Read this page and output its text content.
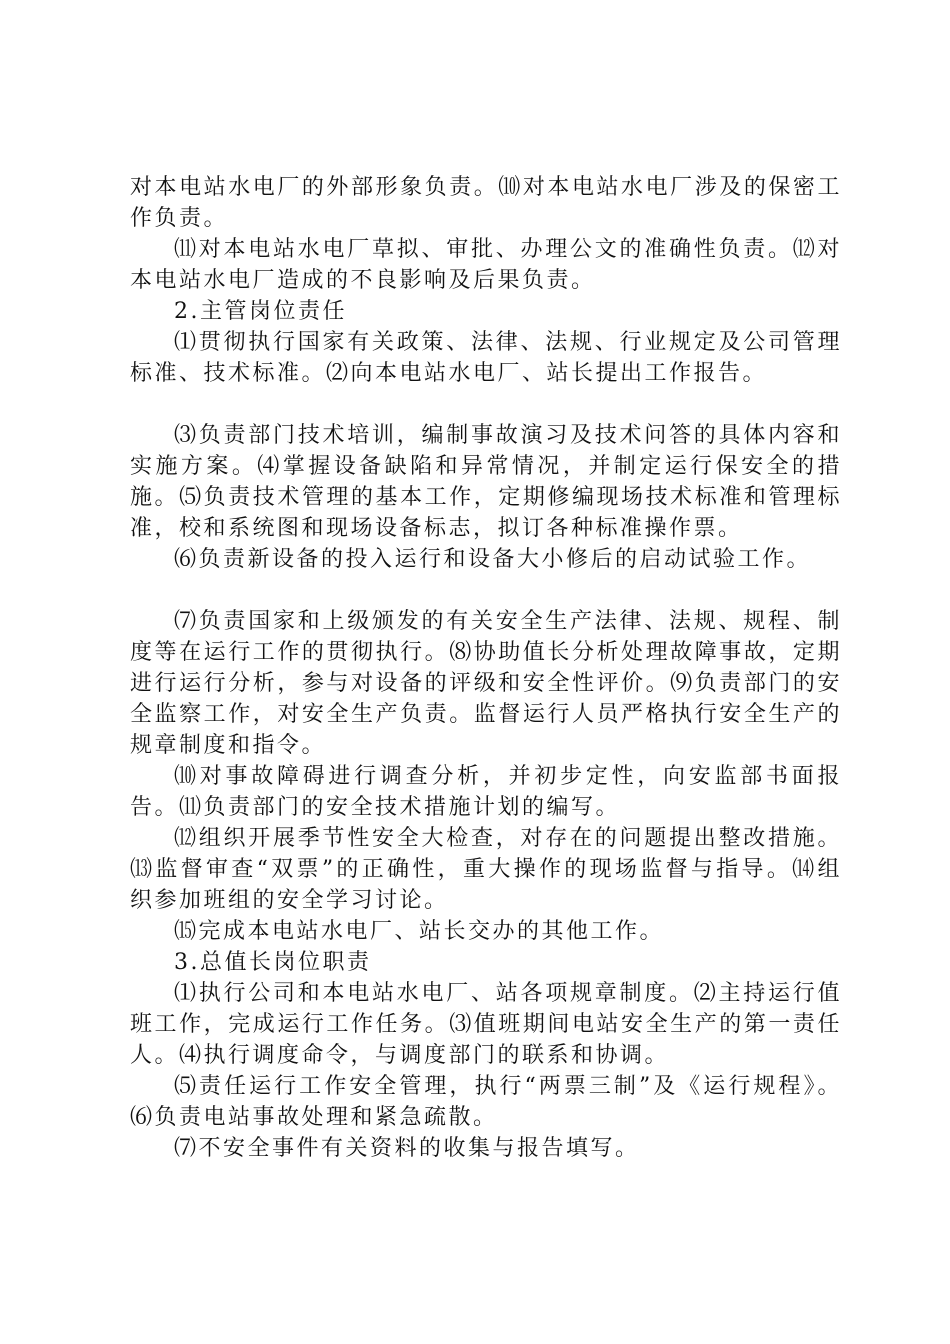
对本电站水电厂的外部形象负责。⑽对本电站水电厂涉及的保密工作负责。

⑾对本电站水电厂草拟、审批、办理公文的准确性负责。⑿对本电站水电厂造成的不良影响及后果负责。

2.主管岗位责任

⑴贯彻执行国家有关政策、法律、法规、行业规定及公司管理标准、技术标准。⑵向本电站水电厂、站长提出工作报告。

⑶负责部门技术培训，编制事故演习及技术问答的具体内容和实施方案。⑷掌握设备缺陷和异常情况，并制定运行保安全的措施。⑸负责技术管理的基本工作，定期修编现场技术标准和管理标准，校和系统图和现场设备标志，拟订各种标准操作票。

⑹负责新设备的投入运行和设备大小修后的启动试验工作。

⑺负责国家和上级颁发的有关安全生产法律、法规、规程、制度等在运行工作的贯彻执行。⑻协助值长分析处理故障事故，定期进行运行分析，参与对设备的评级和安全性评价。⑼负责部门的安全监察工作，对安全生产负责。监督运行人员严格执行安全生产的规章制度和指令。

⑽对事故障碍进行调查分析，并初步定性，向安监部书面报告。⑾负责部门的安全技术措施计划的编写。

⑿组织开展季节性安全大检查，对存在的问题提出整改措施。⒀监督审查“双票”的正确性，重大操作的现场监督与指导。⒁组织参加班组的安全学习讨论。

⒂完成本电站水电厂、站长交办的其他工作。

3.总值长岗位职责

⑴执行公司和本电站水电厂、站各项规章制度。⑵主持运行值班工作，完成运行工作任务。⑶值班期间电站安全生产的第一责任人。⑷执行调度命令，与调度部门的联系和协调。

⑸责任运行工作安全管理，执行“两票三制”及《运行规程》。⑹负责电站事故处理和紧急疏散。

⑺不安全事件有关资料的收集与报告填写。
